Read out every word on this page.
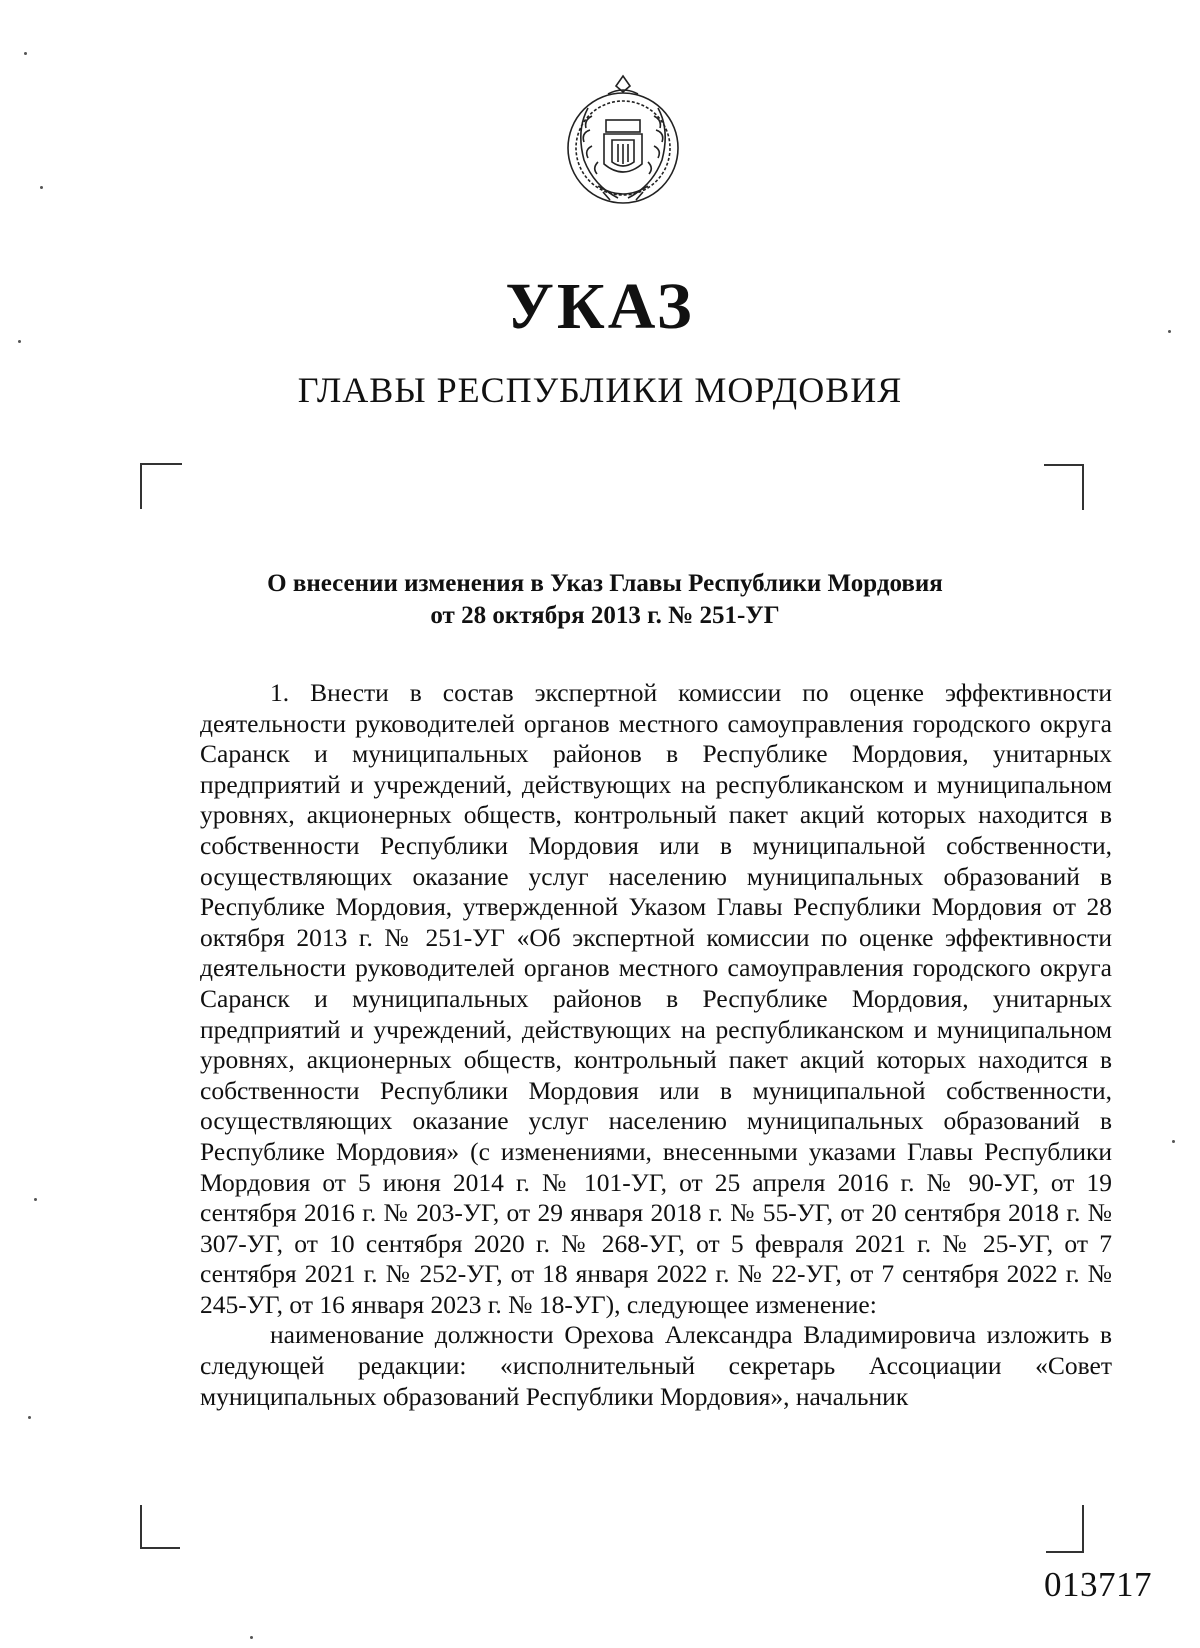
УКАЗ
ГЛАВЫ РЕСПУБЛИКИ МОРДОВИЯ
О внесении изменения в Указ Главы Республики Мордовия
от 28 октября 2013 г. № 251-УГ

1. Внести в состав экспертной комиссии по оценке эффективности деятельности руководителей органов местного самоуправления городского округа Саранск и муниципальных районов в Республике Мордовия, унитарных предприятий и учреждений, действующих на республиканском и муниципальном уровнях, акционерных обществ, контрольный пакет акций которых находится в собственности Республики Мордовия или в муниципальной собственности, осуществляющих оказание услуг населению муниципальных образований в Республике Мордовия, утвержденной Указом Главы Республики Мордовия от 28 октября 2013 г. № 251-УГ «Об экспертной комиссии по оценке эффективности деятельности руководителей органов местного самоуправления городского округа Саранск и муниципальных районов в Республике Мордовия, унитарных предприятий и учреждений, действующих на республиканском и муниципальном уровнях, акционерных обществ, контрольный пакет акций которых находится в собственности Республики Мордовия или в муниципальной собственности, осуществляющих оказание услуг населению муниципальных образований в Республике Мордовия» (с изменениями, внесенными указами Главы Республики Мордовия от 5 июня 2014 г. № 101-УГ, от 25 апреля 2016 г. № 90-УГ, от 19 сентября 2016 г. № 203-УГ, от 29 января 2018 г. № 55-УГ, от 20 сентября 2018 г. № 307-УГ, от 10 сентября 2020 г. № 268-УГ, от 5 февраля 2021 г. № 25-УГ, от 7 сентября 2021 г. № 252-УГ, от 18 января 2022 г. № 22-УГ, от 7 сентября 2022 г. № 245-УГ, от 16 января 2023 г. № 18-УГ), следующее изменение:

наименование должности Орехова Александра Владимировича изложить в следующей редакции: «исполнительный секретарь Ассоциации «Совет муниципальных образований Республики Мордовия», начальник

013717
